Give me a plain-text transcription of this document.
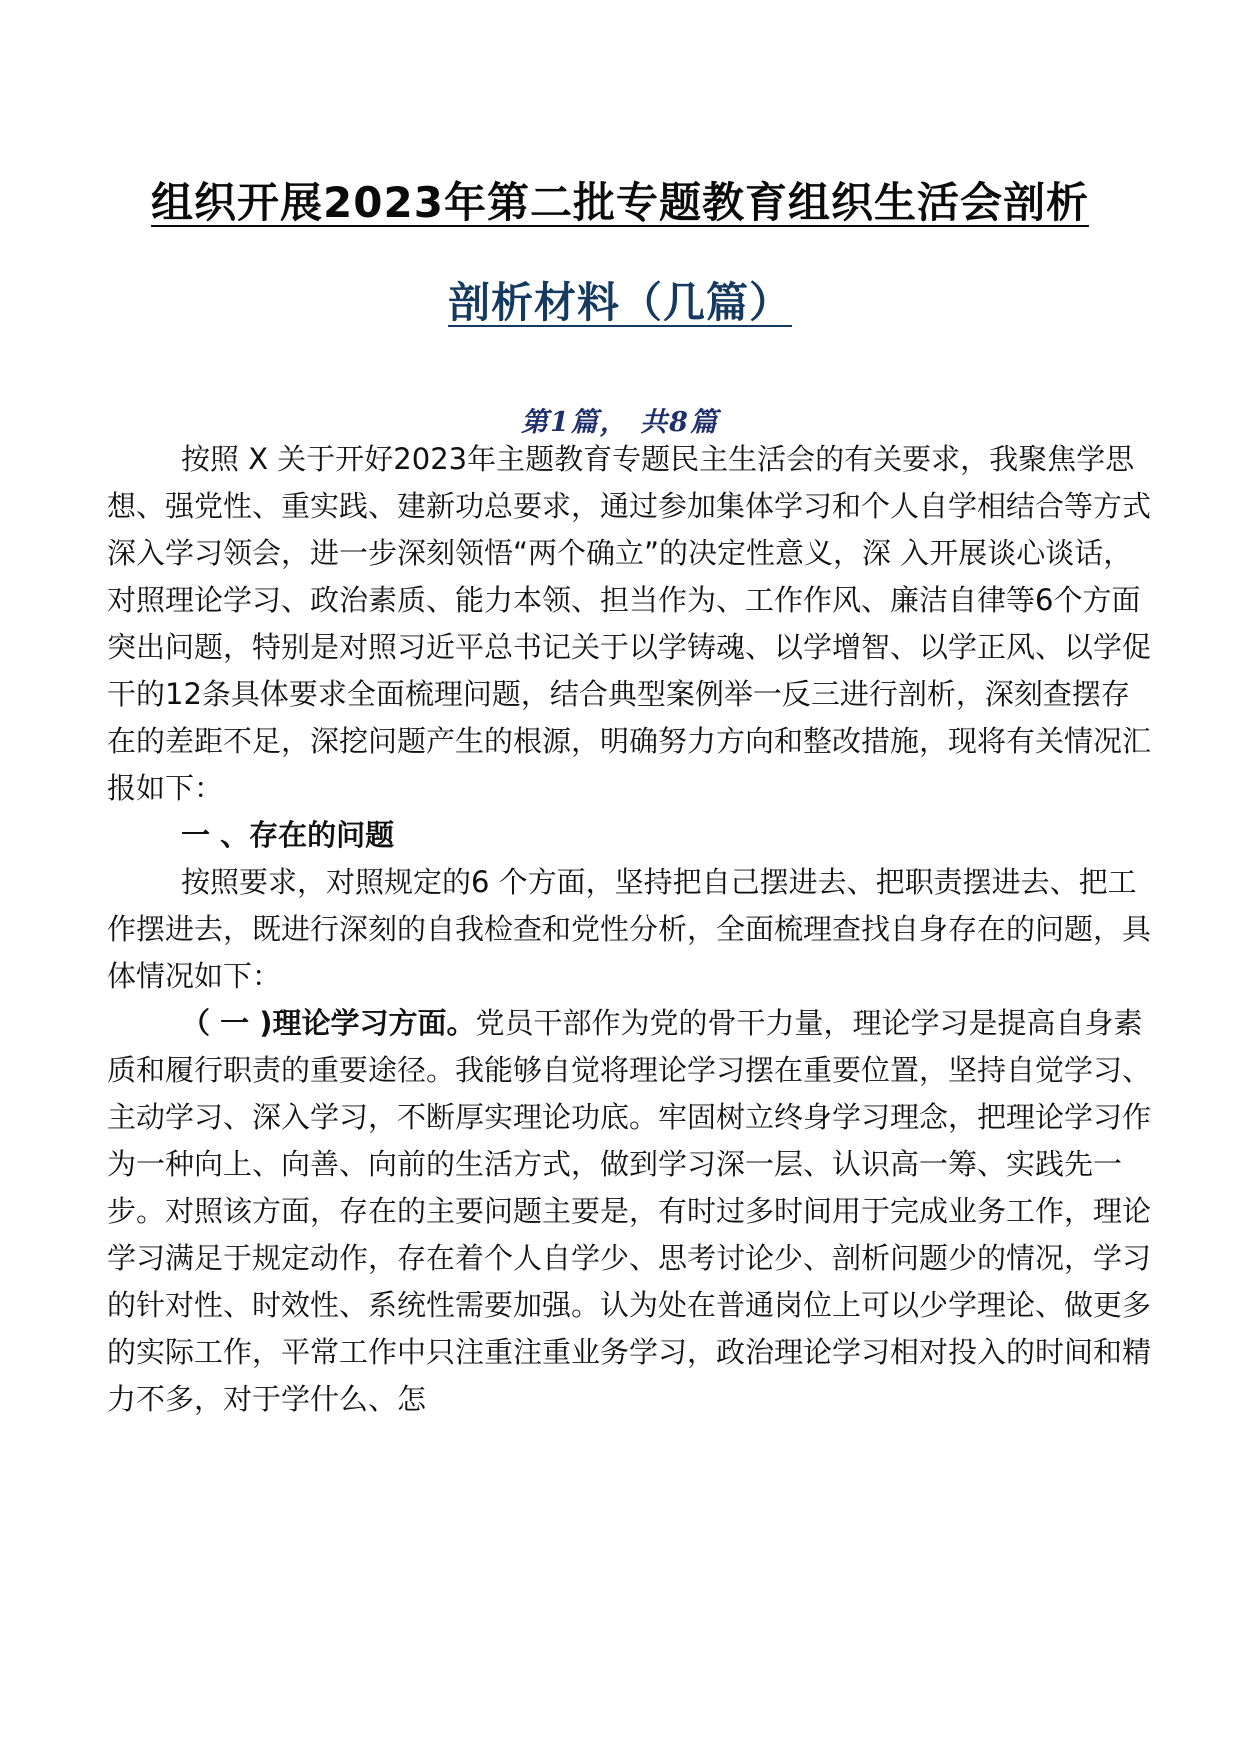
组织开展2023年第二批专题教育组织生活会剖析
剖析材料（几篇）
第1篇， 共8篇

按照 X 关于开好2023年主题教育专题民主生活会的有关要求，我聚焦学思想、强党性、重实践、建新功总要求，通过参加集体学习和个人自学相结合等方式深入学习领会，进一步深刻领悟“两个确立”的决定性意义，深 入开展谈心谈话，对照理论学习、政治素质、能力本领、担当作为、工作作风、廉洁自律等6个方面突出问题，特别是对照习近平总书记关于以学铸魂、以学增智、以学正风、以学促干的12条具体要求全面梳理问题，结合典型案例举一反三进行剖析，深刻查摆存在的差距不足，深挖问题产生的根源，明确努力方向和整改措施，现将有关情况汇报如下：

一 、存在的问题

按照要求，对照规定的6 个方面，坚持把自己摆进去、把职责摆进去、把工作摆进去，既进行深刻的自我检查和党性分析，全面梳理查找自身存在的问题，具体情况如下：

（ 一 )理论学习方面。党员干部作为党的骨干力量，理论学习是提高自身素质和履行职责的重要途径。我能够自觉将理论学习摆在重要位置，坚持自觉学习、主动学习、深入学习，不断厚实理论功底。牢固树立终身学习理念，把理论学习作为一种向上、向善、向前的生活方式，做到学习深一层、认识高一筹、实践先一步。对照该方面，存在的主要问题主要是，有时过多时间用于完成业务工作，理论学习满足于规定动作，存在着个人自学少、思考讨论少、剖析问题少的情况，学习的针对性、时效性、系统性需要加强。认为处在普通岗位上可以少学理论、做更多的实际工作，平常工作中只注重注重业务学习，政治理论学习相对投入的时间和精力不多，对于学什么、怎
